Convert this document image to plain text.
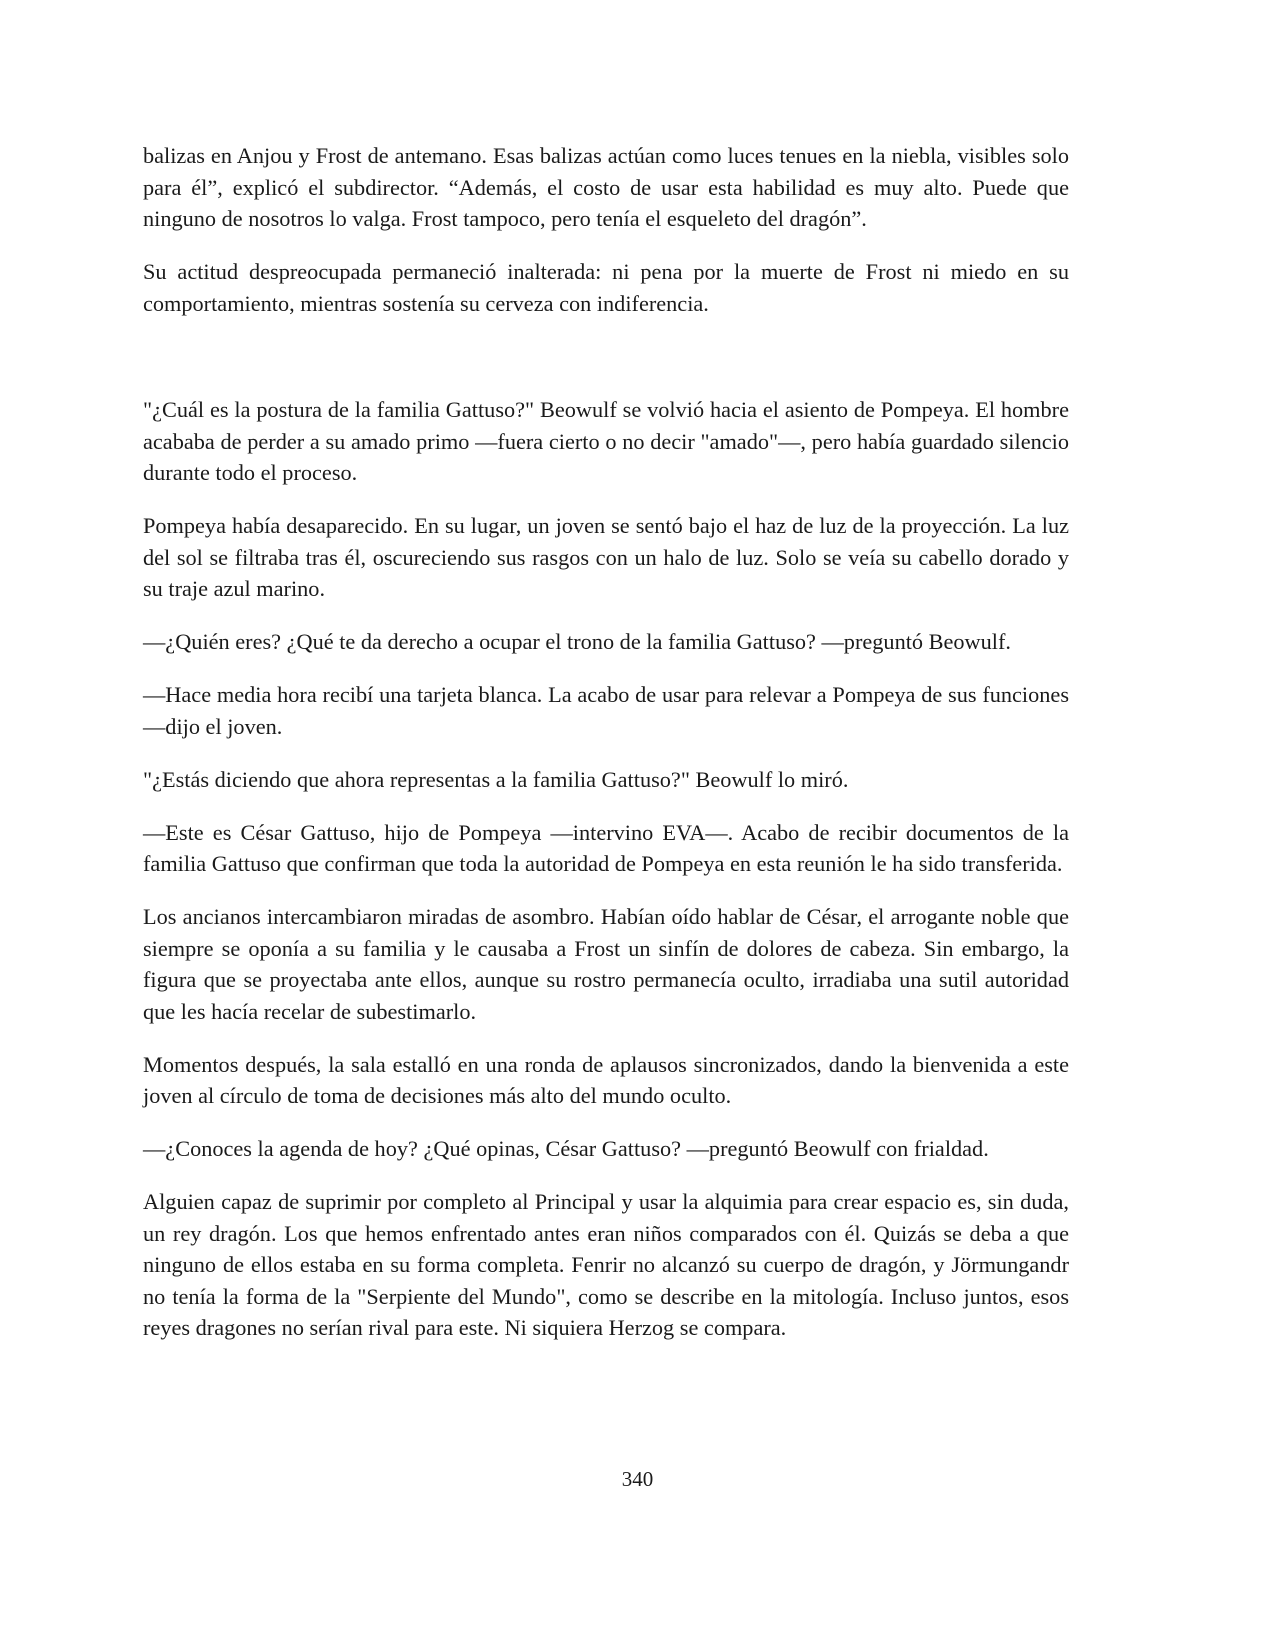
balizas en Anjou y Frost de antemano. Esas balizas actúan como luces tenues en la niebla, visibles solo para él”, explicó el subdirector. “Además, el costo de usar esta habilidad es muy alto. Puede que ninguno de nosotros lo valga. Frost tampoco, pero tenía el esqueleto del dragón”.

Su actitud despreocupada permaneció inalterada: ni pena por la muerte de Frost ni miedo en su comportamiento, mientras sostenía su cerveza con indiferencia.

"¿Cuál es la postura de la familia Gattuso?" Beowulf se volvió hacia el asiento de Pompeya. El hombre acababa de perder a su amado primo —fuera cierto o no decir "amado"—, pero había guardado silencio durante todo el proceso.

Pompeya había desaparecido. En su lugar, un joven se sentó bajo el haz de luz de la proyección. La luz del sol se filtraba tras él, oscureciendo sus rasgos con un halo de luz. Solo se veía su cabello dorado y su traje azul marino.

—¿Quién eres? ¿Qué te da derecho a ocupar el trono de la familia Gattuso? —preguntó Beowulf.

—Hace media hora recibí una tarjeta blanca. La acabo de usar para relevar a Pompeya de sus funciones —dijo el joven.

"¿Estás diciendo que ahora representas a la familia Gattuso?" Beowulf lo miró.

—Este es César Gattuso, hijo de Pompeya —intervino EVA—. Acabo de recibir documentos de la familia Gattuso que confirman que toda la autoridad de Pompeya en esta reunión le ha sido transferida.

Los ancianos intercambiaron miradas de asombro. Habían oído hablar de César, el arrogante noble que siempre se oponía a su familia y le causaba a Frost un sinfín de dolores de cabeza. Sin embargo, la figura que se proyectaba ante ellos, aunque su rostro permanecía oculto, irradiaba una sutil autoridad que les hacía recelar de subestimarlo.

Momentos después, la sala estalló en una ronda de aplausos sincronizados, dando la bienvenida a este joven al círculo de toma de decisiones más alto del mundo oculto.

—¿Conoces la agenda de hoy? ¿Qué opinas, César Gattuso? —preguntó Beowulf con frialdad.

Alguien capaz de suprimir por completo al Principal y usar la alquimia para crear espacio es, sin duda, un rey dragón. Los que hemos enfrentado antes eran niños comparados con él. Quizás se deba a que ninguno de ellos estaba en su forma completa. Fenrir no alcanzó su cuerpo de dragón, y Jörmungandr no tenía la forma de la "Serpiente del Mundo", como se describe en la mitología. Incluso juntos, esos reyes dragones no serían rival para este. Ni siquiera Herzog se compara.

340
